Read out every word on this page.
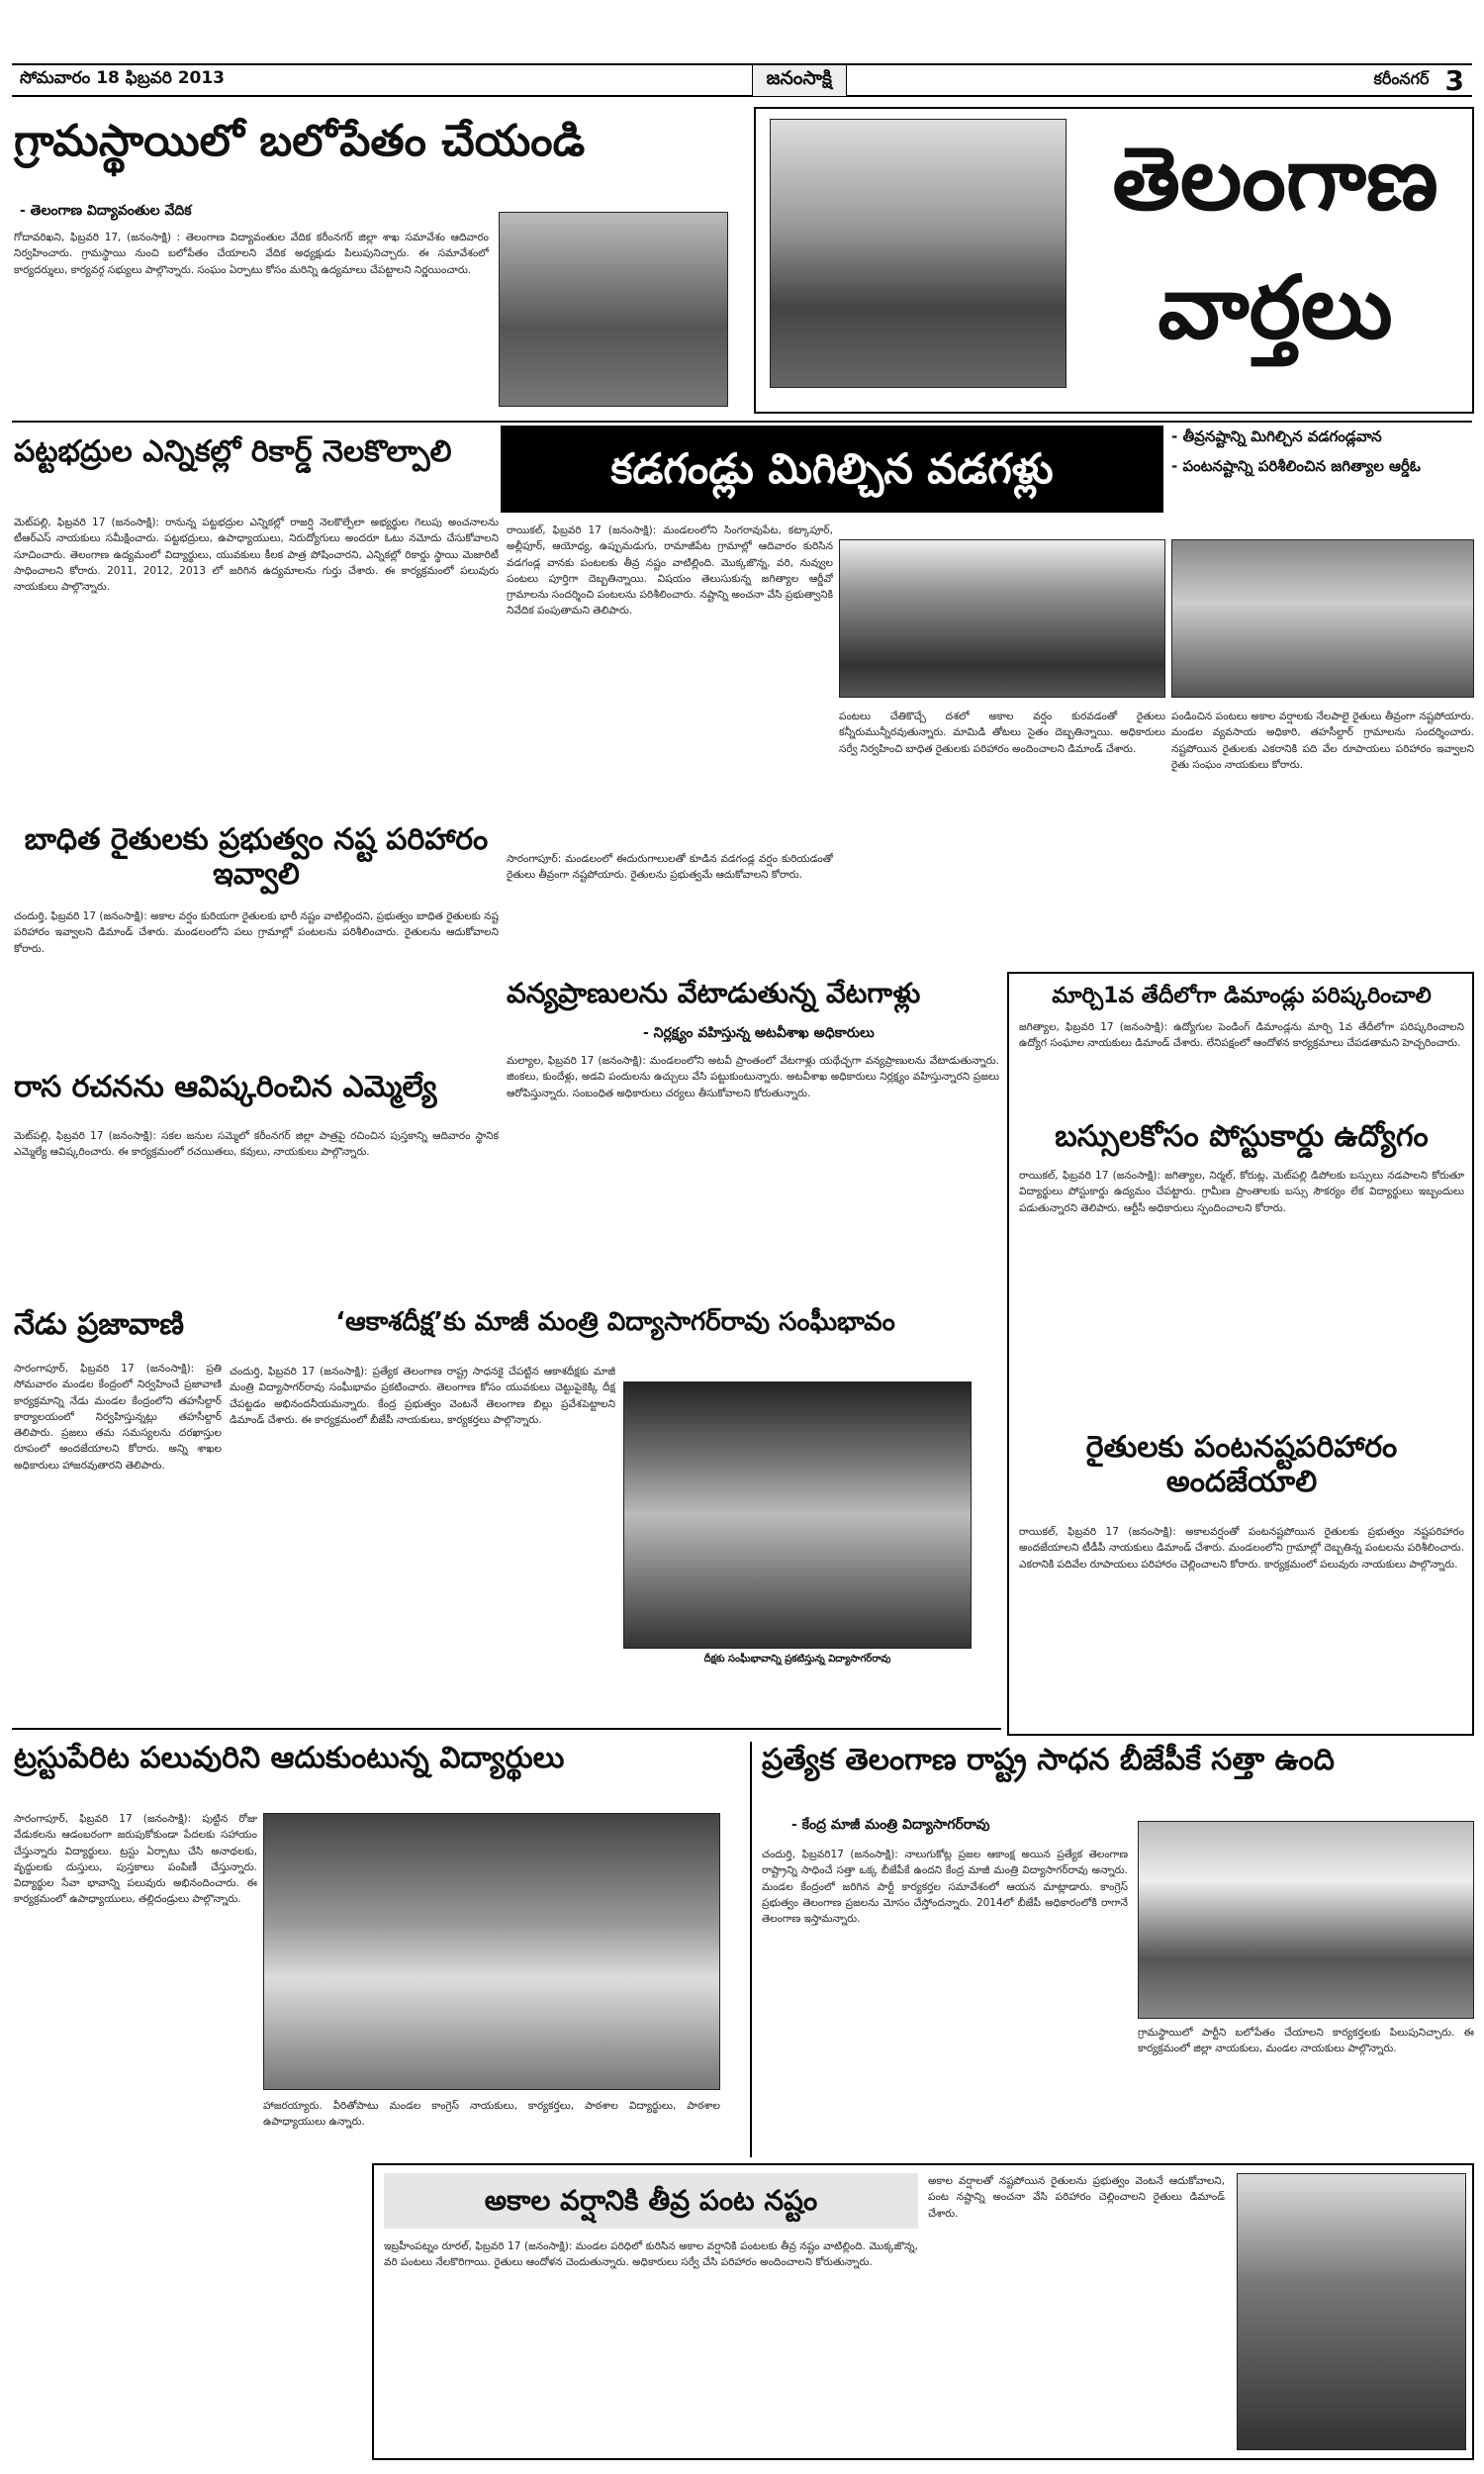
సోమవారం 18 ఫిబ్రవరి 2013	జనంసాక్షి	కరీంనగర్ 3
గ్రామస్థాయిలో బలోపేతం చేయండి
- తెలంగాణ విద్యావంతుల వేదిక
గోదావరిఖని, ఫిబ్రవరి 17, (జనంసాక్షి) : తెలంగాణ విద్యావంతుల వేదిక కరీంనగర్ జిల్లా శాఖ సమావేశం ఆదివారం నిర్వహించారు. గ్రామస్థాయి నుంచి బలోపేతం చేయాలని వేదిక అధ్యక్షుడు పిలుపునిచ్చారు. ఈ సమావేశంలో కార్యదర్శులు, కార్యవర్గ సభ్యులు పాల్గొన్నారు. సంఘం ఏర్పాటు కోసం మరిన్ని ఉద్యమాలు చేపట్టాలని నిర్ణయించారు.
తెలంగాణ
వార్తలు
పట్టభద్రుల ఎన్నికల్లో రికార్డ్ నెలకొల్పాలి
మెట్‌పల్లి, ఫిబ్రవరి 17 (జనంసాక్షి): రానున్న పట్టభద్రుల ఎన్నికల్లో రాజర్షి నెలకొల్పేలా అభ్యర్థుల గెలుపు అంచనాలను టీఆర్ఎస్ నాయకులు సమీక్షించారు. పట్టభద్రులు, ఉపాధ్యాయులు, నిరుద్యోగులు అందరూ ఓటు నమోదు చేసుకోవాలని సూచించారు. తెలంగాణ ఉద్యమంలో విద్యార్థులు, యువకులు కీలక పాత్ర పోషించారని, ఎన్నికల్లో రికార్డు స్థాయి మెజారిటీ సాధించాలని కోరారు. 2011, 2012, 2013 లో జరిగిన ఉద్యమాలను గుర్తు చేశారు. ఈ కార్యక్రమంలో పలువురు నాయకులు పాల్గొన్నారు.
బాధిత రైతులకు ప్రభుత్వం నష్ట పరిహారం ఇవ్వాలి
చందుర్తి, ఫిబ్రవరి 17 (జనంసాక్షి): అకాల వర్షం కురియగా రైతులకు భారీ నష్టం వాటిల్లిందని, ప్రభుత్వం బాధిత రైతులకు నష్ట పరిహారం ఇవ్వాలని డిమాండ్ చేశారు. మండలంలోని పలు గ్రామాల్లో పంటలను పరిశీలించారు. రైతులను ఆదుకోవాలని కోరారు.
రాస రచనను ఆవిష్కరించిన ఎమ్మెల్యే
మెట్‌పల్లి, ఫిబ్రవరి 17 (జనంసాక్షి): సకల జనుల సమ్మెలో కరీంనగర్ జిల్లా పాత్రపై రచించిన పుస్తకాన్ని ఆదివారం స్థానిక ఎమ్మెల్యే ఆవిష్కరించారు. ఈ కార్యక్రమంలో రచయితలు, కవులు, నాయకులు పాల్గొన్నారు.
నేడు ప్రజావాణి
సారంగాపూర్, ఫిబ్రవరి 17 (జనంసాక్షి): ప్రతి సోమవారం మండల కేంద్రంలో నిర్వహించే ప్రజావాణి కార్యక్రమాన్ని నేడు మండల కేంద్రంలోని తహసీల్దార్ కార్యాలయంలో నిర్వహిస్తున్నట్లు తహసీల్దార్ తెలిపారు. ప్రజలు తమ సమస్యలను దరఖాస్తుల రూపంలో అందజేయాలని కోరారు. అన్ని శాఖల అధికారులు హాజరవుతారని తెలిపారు.
కడగండ్లు మిగిల్చిన వడగళ్లు
- తీవ్రనష్టాన్ని మిగిల్చిన వడగండ్లవాన
- పంటనష్టాన్ని పరిశీలించిన జగిత్యాల ఆర్డీఓ
రాయికల్, ఫిబ్రవరి 17 (జనంసాక్షి): మండలంలోని సింగరావుపేట, కట్కాపూర్, అల్లీపూర్, ఆయోధ్య, ఉప్పుమడుగు, రామాజీపేట గ్రామాల్లో ఆదివారం కురిసిన వడగండ్ల వానకు పంటలకు తీవ్ర నష్టం వాటిల్లింది. మొక్కజొన్న, వరి, నువ్వుల పంటలు పూర్తిగా దెబ్బతిన్నాయి. విషయం తెలుసుకున్న జగిత్యాల ఆర్డీవో గ్రామాలను సందర్శించి పంటలను పరిశీలించారు. నష్టాన్ని అంచనా వేసి ప్రభుత్వానికి నివేదిక పంపుతామని తెలిపారు.
సారంగాపూర్: మండలంలో ఈదురుగాలులతో కూడిన వడగండ్ల వర్షం కురియడంతో రైతులు తీవ్రంగా నష్టపోయారు. రైతులను ప్రభుత్వమే ఆదుకోవాలని కోరారు.
పంటలు చేతికొచ్చే దశలో అకాల వర్షం కురవడంతో రైతులు కన్నీరుమున్నీరవుతున్నారు. మామిడి తోటలు సైతం దెబ్బతిన్నాయి. అధికారులు సర్వే నిర్వహించి బాధిత రైతులకు పరిహారం అందించాలని డిమాండ్ చేశారు.
పండించిన పంటలు అకాల వర్షాలకు నేలపాలై రైతులు తీవ్రంగా నష్టపోయారు. మండల వ్యవసాయ అధికారి, తహసీల్దార్ గ్రామాలను సందర్శించారు. నష్టపోయిన రైతులకు ఎకరానికి పది వేల రూపాయలు పరిహారం ఇవ్వాలని రైతు సంఘం నాయకులు కోరారు.
వన్యప్రాణులను వేటాడుతున్న వేటగాళ్లు
- నిర్లక్ష్యం వహిస్తున్న అటవీశాఖ అధికారులు
మల్యాల, ఫిబ్రవరి 17 (జనంసాక్షి): మండలంలోని అటవీ ప్రాంతంలో వేటగాళ్లు యథేచ్ఛగా వన్యప్రాణులను వేటాడుతున్నారు. జింకలు, కుందేళ్లు, అడవి పందులను ఉచ్చులు వేసి పట్టుకుంటున్నారు. అటవీశాఖ అధికారులు నిర్లక్ష్యం వహిస్తున్నారని ప్రజలు ఆరోపిస్తున్నారు. సంబంధిత అధికారులు చర్యలు తీసుకోవాలని కోరుతున్నారు.
మార్చి1వ తేదీలోగా డిమాండ్లు పరిష్కరించాలి
జగిత్యాల, ఫిబ్రవరి 17 (జనంసాక్షి): ఉద్యోగుల పెండింగ్ డిమాండ్లను మార్చి 1వ తేదీలోగా పరిష్కరించాలని ఉద్యోగ సంఘాల నాయకులు డిమాండ్ చేశారు. లేనిపక్షంలో ఆందోళన కార్యక్రమాలు చేపడతామని హెచ్చరించారు.
బస్సులకోసం పోస్టుకార్డు ఉద్యోగం
రాయికల్, ఫిబ్రవరి 17 (జనంసాక్షి): జగిత్యాల, నిర్మల్, కోరుట్ల, మెట్‌పల్లి డిపోలకు బస్సులు నడపాలని కోరుతూ విద్యార్థులు పోస్టుకార్డు ఉద్యమం చేపట్టారు. గ్రామీణ ప్రాంతాలకు బస్సు సౌకర్యం లేక విద్యార్థులు ఇబ్బందులు పడుతున్నారని తెలిపారు. ఆర్టీసీ అధికారులు స్పందించాలని కోరారు.
రైతులకు పంటనష్టపరిహారం అందజేయాలి
రాయికల్, ఫిబ్రవరి 17 (జనంసాక్షి): అకాలవర్షంతో పంటనష్టపోయిన రైతులకు ప్రభుత్వం నష్టపరిహారం అందజేయాలని టీడీపీ నాయకులు డిమాండ్ చేశారు. మండలంలోని గ్రామాల్లో దెబ్బతిన్న పంటలను పరిశీలించారు. ఎకరానికి పదివేల రూపాయలు పరిహారం చెల్లించాలని కోరారు. కార్యక్రమంలో పలువురు నాయకులు పాల్గొన్నారు.
‘ఆకాశదీక్ష’కు మాజీ మంత్రి విద్యాసాగర్‌రావు సంఘీభావం
చందుర్తి, ఫిబ్రవరి 17 (జనంసాక్షి): ప్రత్యేక తెలంగాణ రాష్ట్ర సాధనకై చేపట్టిన ఆకాశదీక్షకు మాజీ మంత్రి విద్యాసాగర్‌రావు సంఘీభావం ప్రకటించారు. తెలంగాణ కోసం యువకులు చెట్టుపైకెక్కి దీక్ష చేపట్టడం అభినందనీయమన్నారు. కేంద్ర ప్రభుత్వం వెంటనే తెలంగాణ బిల్లు ప్రవేశపెట్టాలని డిమాండ్ చేశారు. ఈ కార్యక్రమంలో బీజేపీ నాయకులు, కార్యకర్తలు పాల్గొన్నారు.
దీక్షకు సంఘీభావాన్ని ప్రకటిస్తున్న విద్యాసాగర్‌రావు
ట్రస్టుపేరిట పలువురిని ఆదుకుంటున్న విద్యార్థులు
సారంగాపూర్, ఫిబ్రవరి 17 (జనంసాక్షి): పుట్టిన రోజు వేడుకలను ఆడంబరంగా జరుపుకోకుండా పేదలకు సహాయం చేస్తున్నారు విద్యార్థులు. ట్రస్టు ఏర్పాటు చేసి అనాథలకు, వృద్ధులకు దుస్తులు, పుస్తకాలు పంపిణీ చేస్తున్నారు. విద్యార్థుల సేవా భావాన్ని పలువురు అభినందించారు. ఈ కార్యక్రమంలో ఉపాధ్యాయులు, తల్లిదండ్రులు పాల్గొన్నారు.
హాజరయ్యారు. వీరితోపాటు మండల కాంగ్రెస్ నాయకులు, కార్యకర్తలు, పాఠశాల విద్యార్థులు, పాఠశాల ఉపాధ్యాయులు ఉన్నారు.
ప్రత్యేక తెలంగాణ రాష్ట్ర సాధన బీజేపీకే సత్తా ఉంది
- కేంద్ర మాజీ మంత్రి విద్యాసాగర్‌రావు
చందుర్తి, ఫిబ్రవరి17 (జనంసాక్షి): నాలుగుకోట్ల ప్రజల ఆకాంక్ష అయిన ప్రత్యేక తెలంగాణ రాష్ట్రాన్ని సాధించే సత్తా ఒక్క బీజేపీకే ఉందని కేంద్ర మాజీ మంత్రి విద్యాసాగర్‌రావు అన్నారు. మండల కేంద్రంలో జరిగిన పార్టీ కార్యకర్తల సమావేశంలో ఆయన మాట్లాడారు. కాంగ్రెస్ ప్రభుత్వం తెలంగాణ ప్రజలను మోసం చేస్తోందన్నారు. 2014లో బీజేపీ అధికారంలోకి రాగానే తెలంగాణ ఇస్తామన్నారు.
గ్రామస్థాయిలో పార్టీని బలోపేతం చేయాలని కార్యకర్తలకు పిలుపునిచ్చారు. ఈ కార్యక్రమంలో జిల్లా నాయకులు, మండల నాయకులు పాల్గొన్నారు.
అకాల వర్షానికి తీవ్ర పంట నష్టం
ఇబ్రహీంపట్నం రూరల్, ఫిబ్రవరి 17 (జనంసాక్షి): మండల పరిధిలో కురిసిన అకాల వర్షానికి పంటలకు తీవ్ర నష్టం వాటిల్లింది. మొక్కజొన్న, వరి పంటలు నేలకొరిగాయి. రైతులు ఆందోళన చెందుతున్నారు. అధికారులు సర్వే చేసి పరిహారం అందించాలని కోరుతున్నారు.
అకాల వర్షాలతో నష్టపోయిన రైతులను ప్రభుత్వం వెంటనే ఆదుకోవాలని, పంట నష్టాన్ని అంచనా వేసి పరిహారం చెల్లించాలని రైతులు డిమాండ్ చేశారు.
